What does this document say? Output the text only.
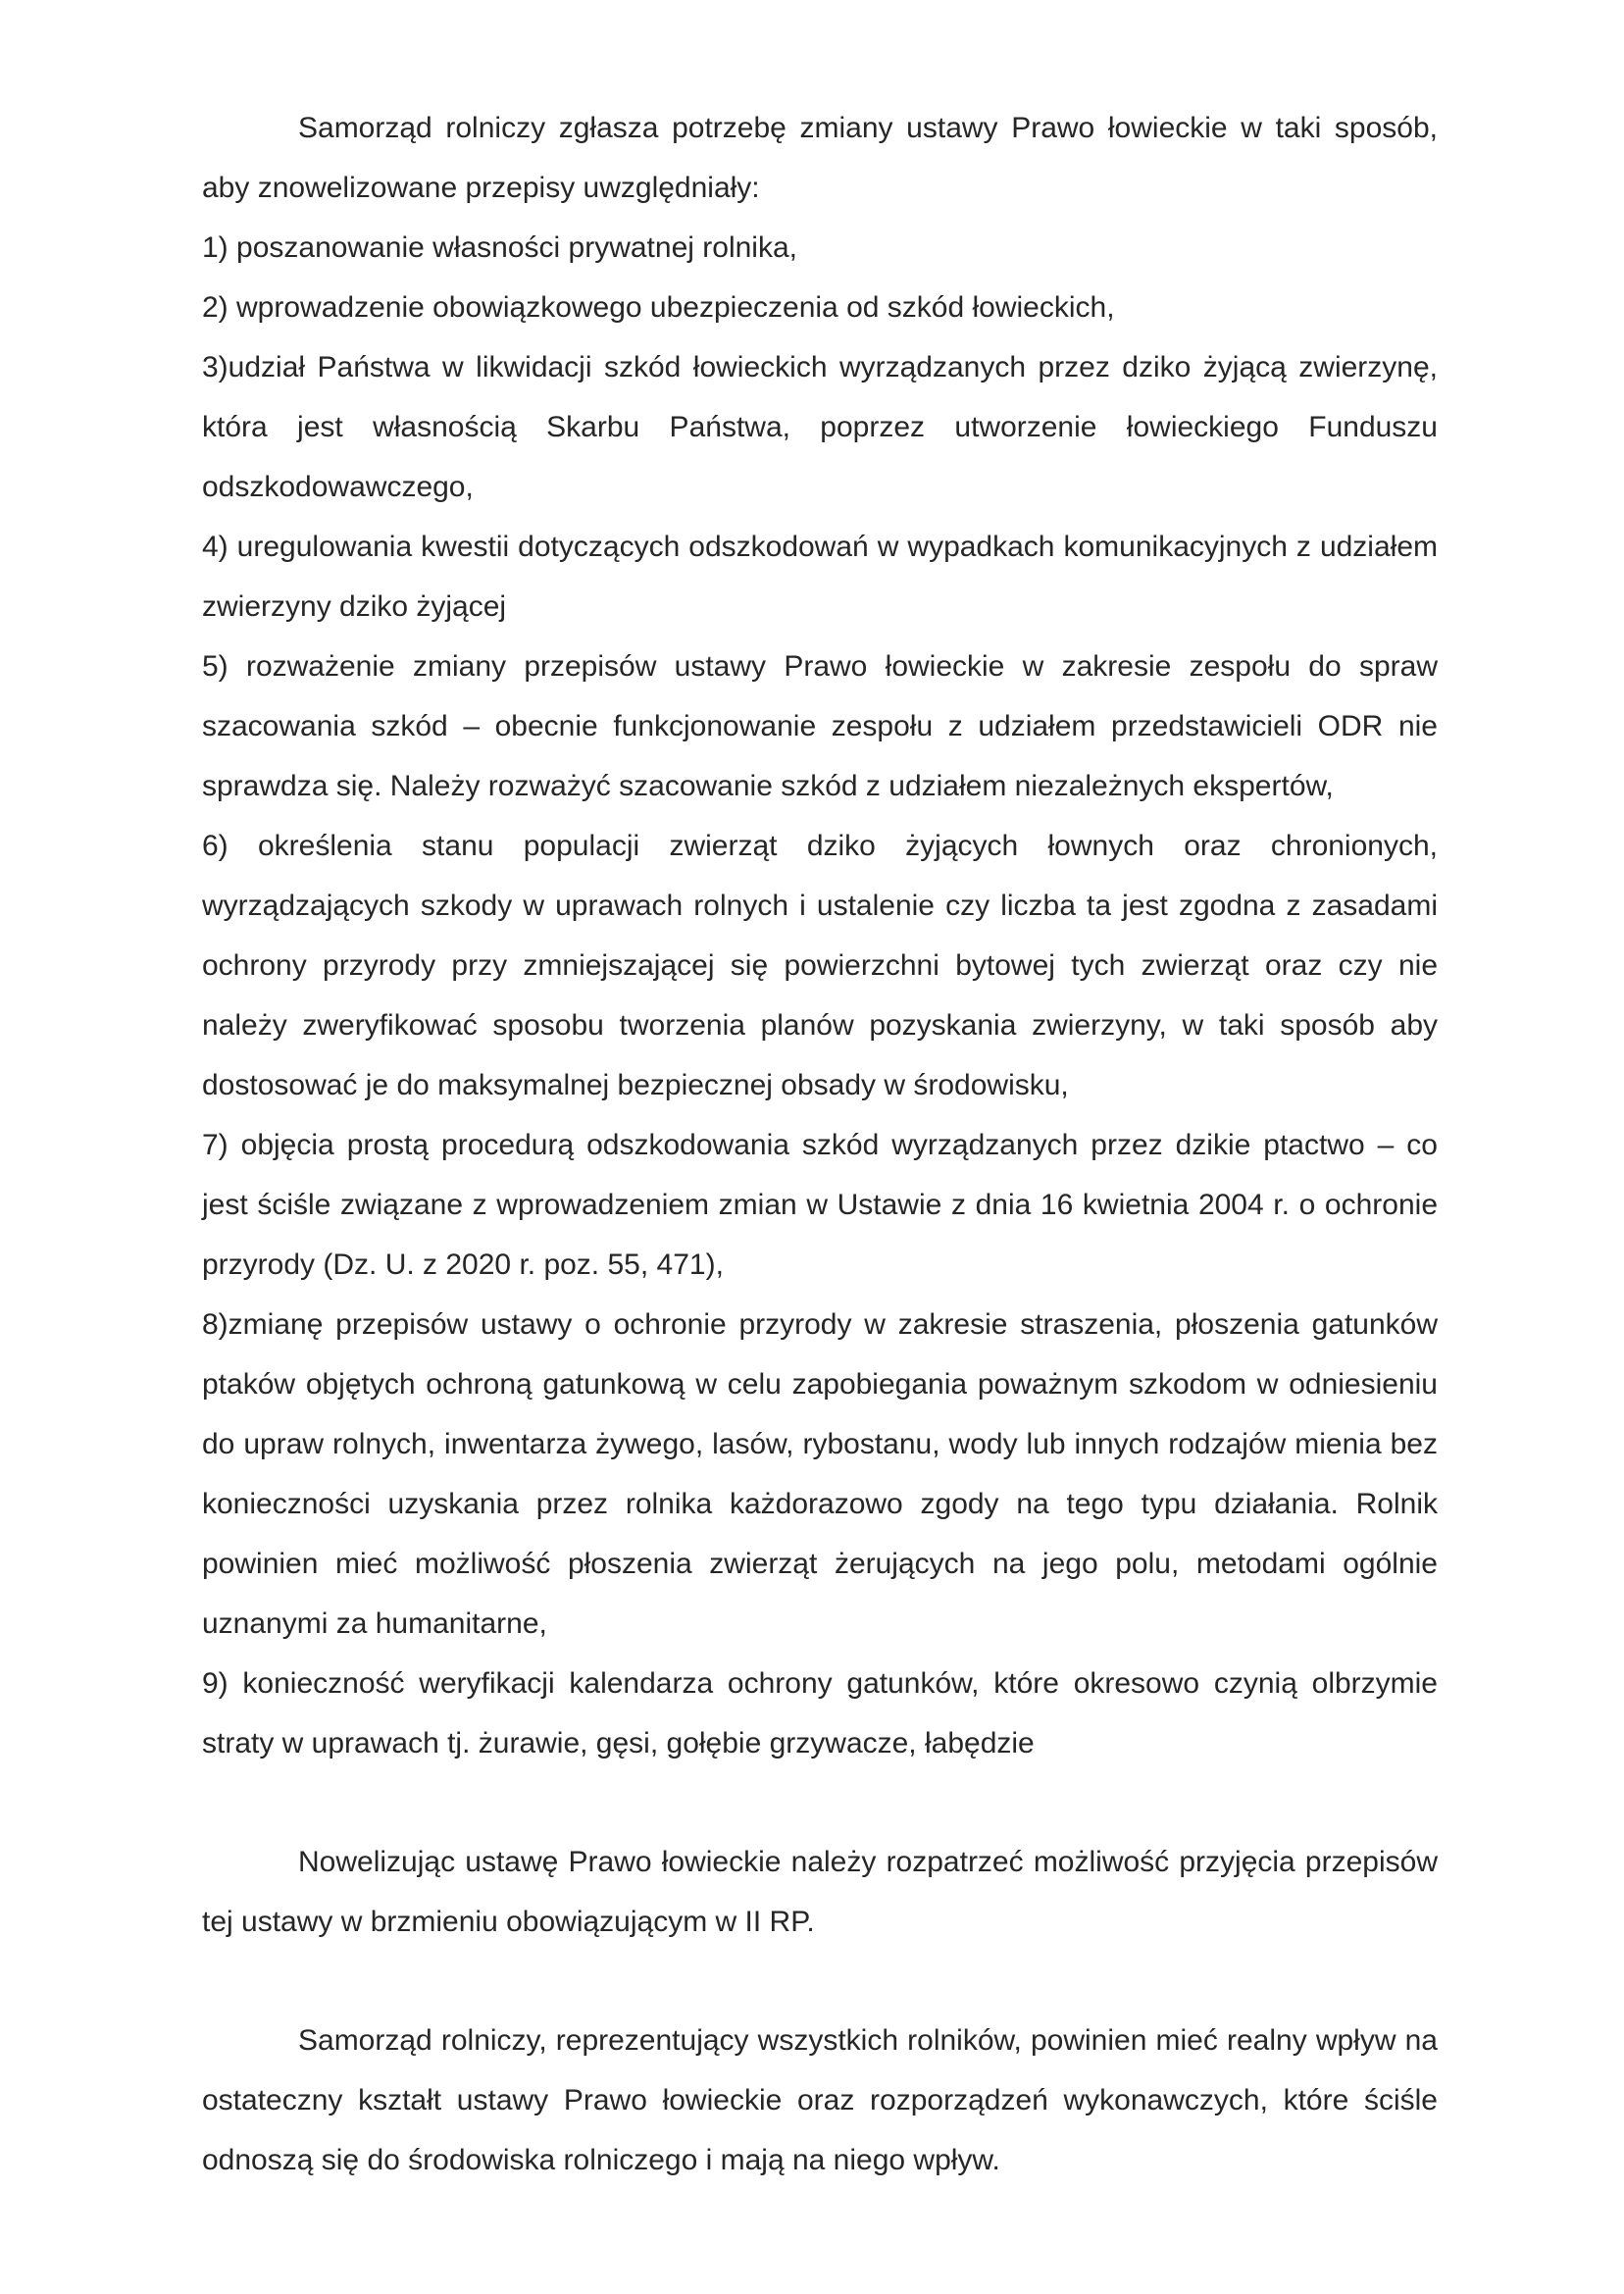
Samorząd rolniczy zgłasza potrzebę zmiany ustawy Prawo łowieckie w taki sposób, aby znowelizowane przepisy uwzględniały:

1) poszanowanie własności prywatnej rolnika,

2) wprowadzenie obowiązkowego ubezpieczenia od szkód łowieckich,

3)udział Państwa w likwidacji szkód łowieckich wyrządzanych przez dziko żyjącą zwierzynę, która jest własnością Skarbu Państwa, poprzez utworzenie łowieckiego Funduszu odszkodowawczego,

4) uregulowania kwestii dotyczących odszkodowań w wypadkach komunikacyjnych z udziałem zwierzyny dziko żyjącej

5) rozważenie zmiany przepisów ustawy Prawo łowieckie w zakresie zespołu do spraw szacowania szkód – obecnie funkcjonowanie zespołu z udziałem przedstawicieli ODR nie sprawdza się. Należy rozważyć szacowanie szkód z udziałem niezależnych ekspertów,

6) określenia stanu populacji zwierząt dziko żyjących łownych oraz chronionych, wyrządzających szkody w uprawach rolnych i ustalenie czy liczba ta jest zgodna z zasadami ochrony przyrody przy zmniejszającej się powierzchni bytowej tych zwierząt oraz czy nie należy zweryfikować sposobu tworzenia planów pozyskania zwierzyny, w taki sposób aby dostosować je do maksymalnej bezpiecznej obsady w środowisku,

7) objęcia prostą procedurą odszkodowania szkód wyrządzanych przez dzikie ptactwo – co jest ściśle związane z wprowadzeniem zmian w Ustawie z dnia 16 kwietnia 2004 r. o ochronie przyrody (Dz. U. z 2020 r. poz. 55, 471),

8)zmianę przepisów ustawy o ochronie przyrody w zakresie straszenia, płoszenia gatunków ptaków objętych ochroną gatunkową w celu zapobiegania poważnym szkodom w odniesieniu do upraw rolnych, inwentarza żywego, lasów, rybostanu, wody lub innych rodzajów mienia bez konieczności uzyskania przez rolnika każdorazowo zgody na tego typu działania. Rolnik powinien mieć możliwość płoszenia zwierząt żerujących na jego polu, metodami ogólnie uznanymi za humanitarne,

9) konieczność weryfikacji kalendarza ochrony gatunków, które okresowo czynią olbrzymie straty w uprawach tj. żurawie, gęsi, gołębie grzywacze, łabędzie

Nowelizując ustawę Prawo łowieckie należy rozpatrzeć możliwość przyjęcia przepisów tej ustawy w brzmieniu obowiązującym w II RP.

Samorząd rolniczy, reprezentujący wszystkich rolników, powinien mieć realny wpływ na ostateczny kształt ustawy Prawo łowieckie oraz rozporządzeń wykonawczych, które ściśle odnoszą się do środowiska rolniczego i mają na niego wpływ.
